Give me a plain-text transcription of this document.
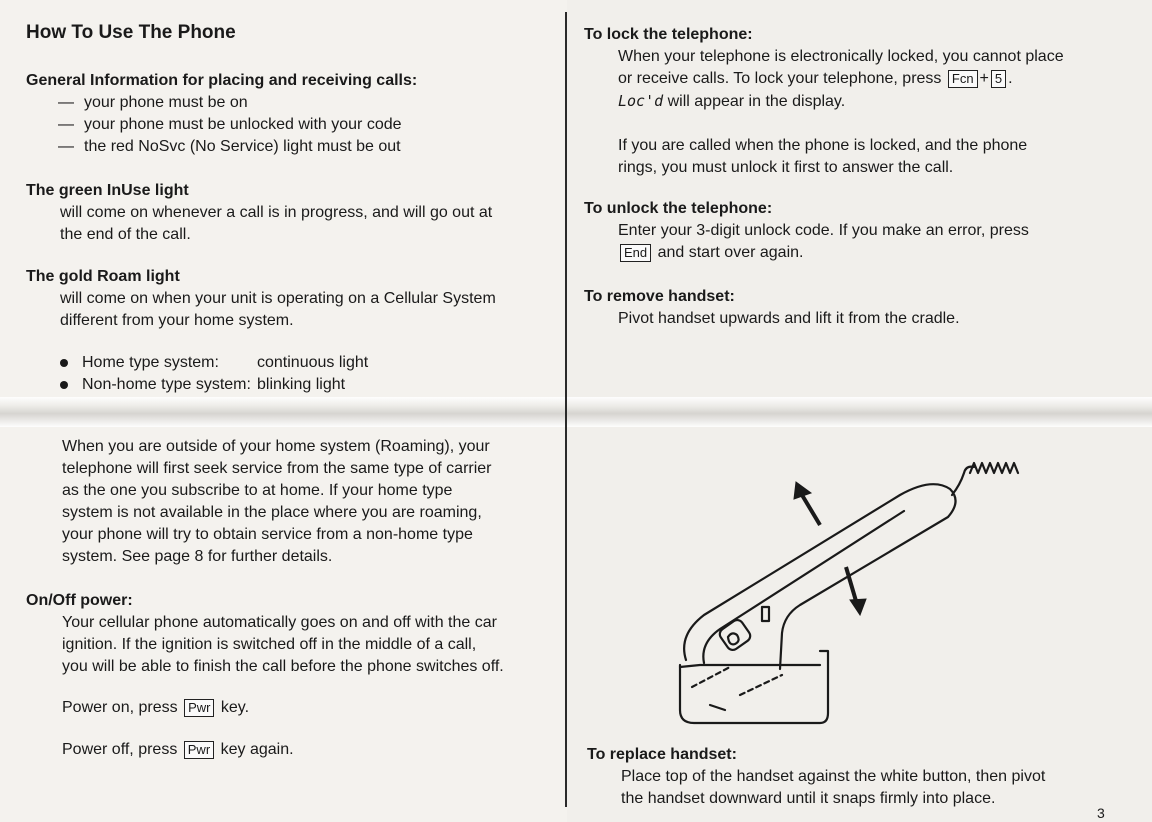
How To Use The Phone
General Information for placing and receiving calls:
— your phone must be on
— your phone must be unlocked with your code
— the red NoSvc (No Service) light must be out
The green InUse light
will come on whenever a call is in progress, and will go out at
the end of the call.
The gold Roam light
will come on when your unit is operating on a Cellular System
different from your home system.
Home type system:	continuous light
Non-home type system: blinking light
When you are outside of your home system (Roaming), your
telephone will first seek service from the same type of carrier
as the one you subscribe to at home. If your home type
system is not available in the place where you are roaming,
your phone will try to obtain service from a non-home type
system. See page 8 for further details.
On/Off power:
Your cellular phone automatically goes on and off with the car
ignition. If the ignition is switched off in the middle of a call,
you will be able to finish the call before the phone switches off.
Power on, press Pwr key.
Power off, press Pwr key again.
To lock the telephone:
When your telephone is electronically locked, you cannot place
or receive calls. To lock your telephone, press Fcn + 5 .
Loc'd will appear in the display.
If you are called when the phone is locked, and the phone
rings, you must unlock it first to answer the call.
To unlock the telephone:
Enter your 3-digit unlock code. If you make an error, press
End and start over again.
To remove handset:
Pivot handset upwards and lift it from the cradle.
To replace handset:
Place top of the handset against the white button, then pivot
the handset downward until it snaps firmly into place.
3
